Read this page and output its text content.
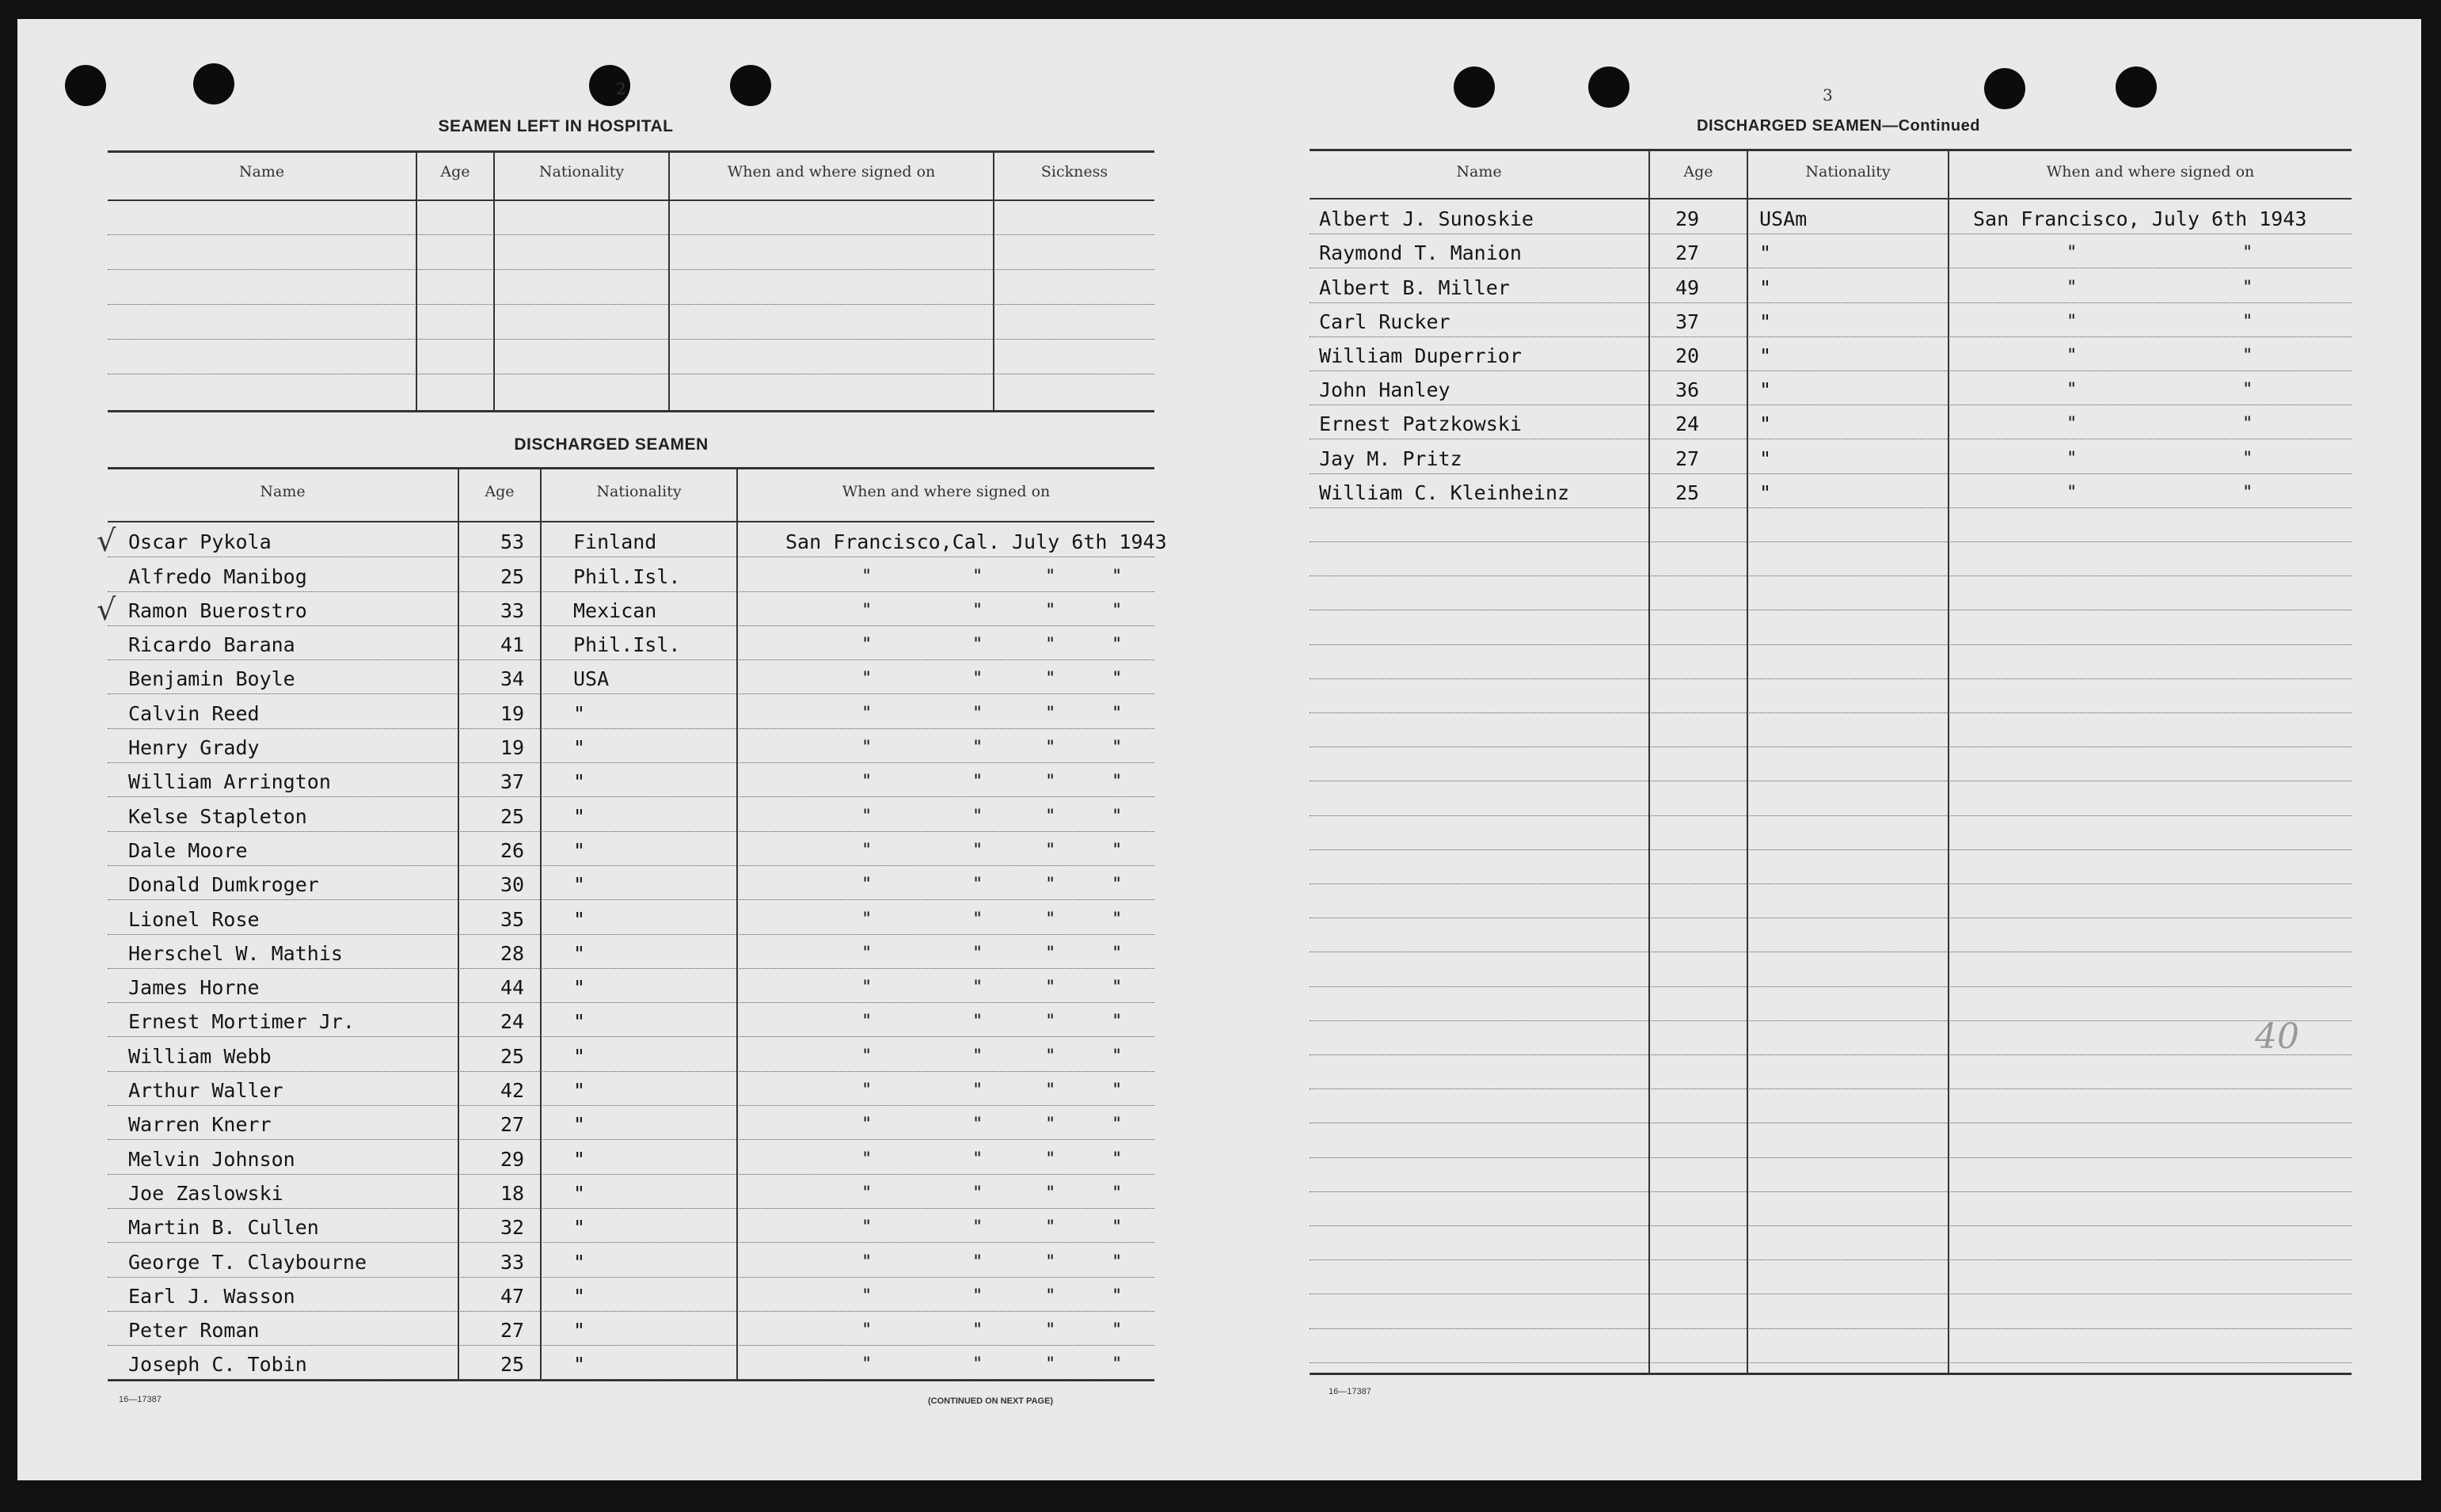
2
SEAMEN LEFT IN HOSPITAL
Name	Age	Nationality	When and where signed on	Sickness
DISCHARGED SEAMEN
Name	Age	Nationality	When and where signed on
Oscar Pykola	53 Finland	San Francisco,Cal. July 6th 1943
√
Alfredo Manibog	25 Phil.Isl.	"	"	"	"
Ramon Buerostro	33 Mexican	"	"	"	"
√
Ricardo Barana	41 Phil.Isl.	"	"	"	"
Benjamin Boyle	34 USA	"	"	"	"
Calvin Reed	19 "	"	"	"	"
Henry Grady	19 "	"	"	"	"
William Arrington	37 "	"	"	"	"
Kelse Stapleton	25 "	"	"	"	"
Dale Moore	26 "	"	"	"	"
Donald Dumkroger	30 "	"	"	"	"
Lionel Rose	35 "	"	"	"	"
Herschel W. Mathis	28 "	"	"	"	"
James Horne	44 "	"	"	"	"
Ernest Mortimer Jr.	24 "	"	"	"	"
William Webb	25 "	"	"	"	"
Arthur Waller	42 "	"	"	"	"
Warren Knerr	27 "	"	"	"	"
Melvin Johnson	29 "	"	"	"	"
Joe Zaslowski	18 "	"	"	"	"
Martin B. Cullen	32 "	"	"	"	"
George T. Claybourne	33 "	"	"	"	"
Earl J. Wasson	47 "	"	"	"	"
Peter Roman	27 "	"	"	"	"
Joseph C. Tobin	25 "	"	"	"	"
16—17387	(CONTINUED ON NEXT PAGE)
3
DISCHARGED SEAMEN—Continued
Name	Age	Nationality	When and where signed on
Albert J. Sunoskie	29	USAm	San Francisco, July 6th 1943
Raymond T. Manion	27	"	"	"
Albert B. Miller	49	"	"	"
Carl Rucker	37	"	"	"
William Duperrior	20	"	"	"
John Hanley	36	"	"	"
Ernest Patzkowski	24	"	"	"
Jay M. Pritz	27	"	"	"
William C. Kleinheinz	25	"	"	"
40
16—17387
